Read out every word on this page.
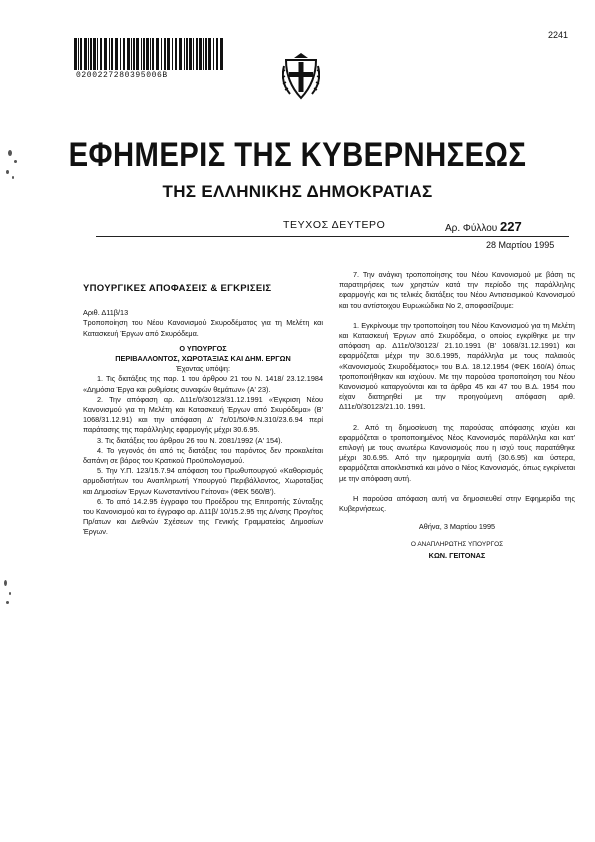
0200227280395006B
2241
ΕΦΗΜΕΡΙΣ ΤΗΣ ΚΥΒΕΡΝΗΣΕΩΣ
ΤΗΣ ΕΛΛΗΝΙΚΗΣ ΔΗΜΟΚΡΑΤΙΑΣ
ΤΕΥΧΟΣ ΔΕΥΤΕΡΟ	Αρ. Φύλλου 227
28 Μαρτίου 1995

ΥΠΟΥΡΓΙΚΕΣ ΑΠΟΦΑΣΕΙΣ & ΕΓΚΡΙΣΕΙΣ

Αριθ. Δ11β/13

Τροποποίηση του Νέου Κανονισμού Σκυροδέματος για τη Μελέτη και Κατασκευή Έργων από Σκυρόδεμα.

Ο ΥΠΟΥΡΓΟΣ

ΠΕΡΙΒΑΛΛΟΝΤΟΣ, ΧΩΡΟΤΑΞΙΑΣ ΚΑΙ ΔΗΜ. ΕΡΓΩΝ

Έχοντας υπόψη:

1. Τις διατάξεις της παρ. 1 του άρθρου 21 του Ν. 1418/ 23.12.1984 «Δημόσια Έργα και ρυθμίσεις συναφών θεμάτων» (Α' 23).

2. Την απόφαση αρ. Δ11ε/0/30123/31.12.1991 «Έγκριση Νέου Κανονισμού για τη Μελέτη και Κατασκευή Έργων από Σκυρόδεμα» (Β' 1068/31.12.91) και την απόφαση Δ' 7ε/01/50/Φ.Ν.310/23.6.94 περί παράτασης της παράλληλης εφαρμογής μέχρι 30.6.95.

3. Τις διατάξεις του άρθρου 26 του Ν. 2081/1992 (Α' 154).

4. Το γεγονός ότι από τις διατάξεις του παρόντος δεν προκαλείται δαπάνη σε βάρος του Κρατικού Προϋπολογισμού.

5. Την Υ.Π. 123/15.7.94 απόφαση του Πρωθυπουργού «Καθορισμός αρμοδιοτήτων του Αναπληρωτή Υπουργού Περιβάλλοντος, Χωροταξίας και Δημοσίων Έργων Κωνσταντίνου Γείτονα» (ΦΕΚ 560/Β').

6. Το από 14.2.95 έγγραφο του Προέδρου της Επιτροπής Σύνταξης του Κανονισμού και το έγγραφο αρ. Δ11β/ 10/15.2.95 της Δ/νσης Προγ/τος Πρ/ατων και Διεθνών Σχέσεων της Γενικής Γραμματείας Δημοσίων Έργων.

7. Την ανάγκη τροποποίησης του Νέου Κανονισμού με βάση τις παρατηρήσεις των χρηστών κατά την περίοδο της παράλληλης εφαρμογής και τις τελικές διατάξεις του Νέου Αντισεισμικού Κανονισμού και του αντίστοιχου Ευρωκώδικα Νο 2, αποφασίζουμε:

1. Εγκρίνουμε την τροποποίηση του Νέου Κανονισμού για τη Μελέτη και Κατασκευή Έργων από Σκυρόδεμα, ο οποίος εγκρίθηκε με την απόφαση αρ. Δ11ε/0/30123/ 21.10.1991 (Β' 1068/31.12.1991) και εφαρμόζεται μέχρι την 30.6.1995, παράλληλα με τους παλαιούς «Κανονισμούς Σκυροδέματος» του Β.Δ. 18.12.1954 (ΦΕΚ 160/Α) όπως τροποποιήθηκαν και ισχύουν. Με την παρούσα τροποποίηση του Νέου Κανονισμού καταργούνται και τα άρθρα 45 και 47 του Β.Δ. 1954 που είχαν διατηρηθεί με την προηγούμενη απόφαση αριθ. Δ11ε/0/30123/21.10. 1991.

2. Από τη δημοσίευση της παρούσας απόφασης ισχύει και εφαρμόζεται ο τροποποιημένος Νέος Κανονισμός παράλληλα και κατ' επιλογή με τους ανωτέρω Κανονισμούς που η ισχύ τους παρατάθηκε μέχρι 30.6.95. Από την ημερομηνία αυτή (30.6.95) και ύστερα, εφαρμόζεται αποκλειστικά και μόνο ο Νέος Κανονισμός, όπως εγκρίνεται με την απόφαση αυτή.

Η παρούσα απόφαση αυτή να δημοσιευθεί στην Εφημερίδα της Κυβερνήσεως.

Αθήνα, 3 Μαρτίου 1995

Ο ΑΝΑΠΛΗΡΩΤΗΣ ΥΠΟΥΡΓΟΣ

ΚΩΝ. ΓΕΙΤΟΝΑΣ
